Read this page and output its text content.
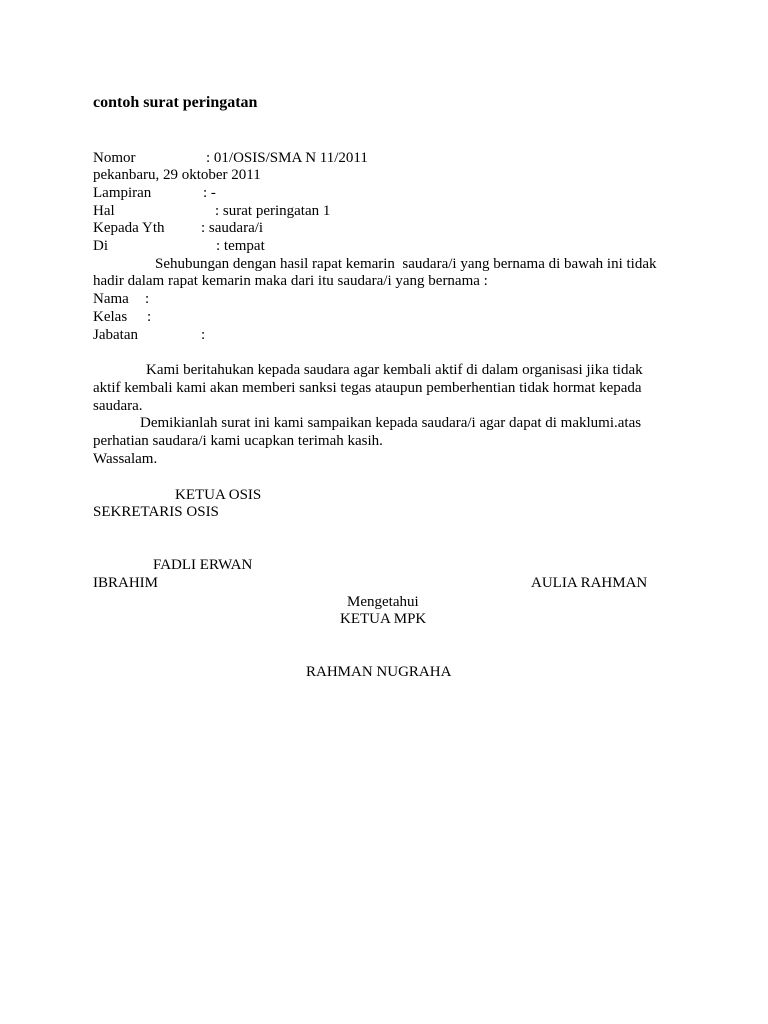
contoh surat peringatan

Nomor	: 01/OSIS/SMA N 11/2011

pekanbaru, 29 oktober 2011

Lampiran	: -

Hal	: surat peringatan 1

Kepada Yth : saudara/i

Di	: tempat

Sehubungan dengan hasil rapat kemarin  saudara/i yang bernama di bawah ini tidak

hadir dalam rapat kemarin maka dari itu saudara/i yang bernama :

Nama :

Kelas :

Jabatan	:

Kami beritahukan kepada saudara agar kembali aktif di dalam organisasi jika tidak

aktif kembali kami akan memberi sanksi tegas ataupun pemberhentian tidak hormat kepada

saudara.

Demikianlah surat ini kami sampaikan kepada saudara/i agar dapat di maklumi.atas

perhatian saudara/i kami ucapkan terimah kasih.

Wassalam.

KETUA OSIS

SEKRETARIS OSIS

FADLI ERWAN

IBRAHIM	AULIA RAHMAN

Mengetahui

KETUA MPK

RAHMAN NUGRAHA
